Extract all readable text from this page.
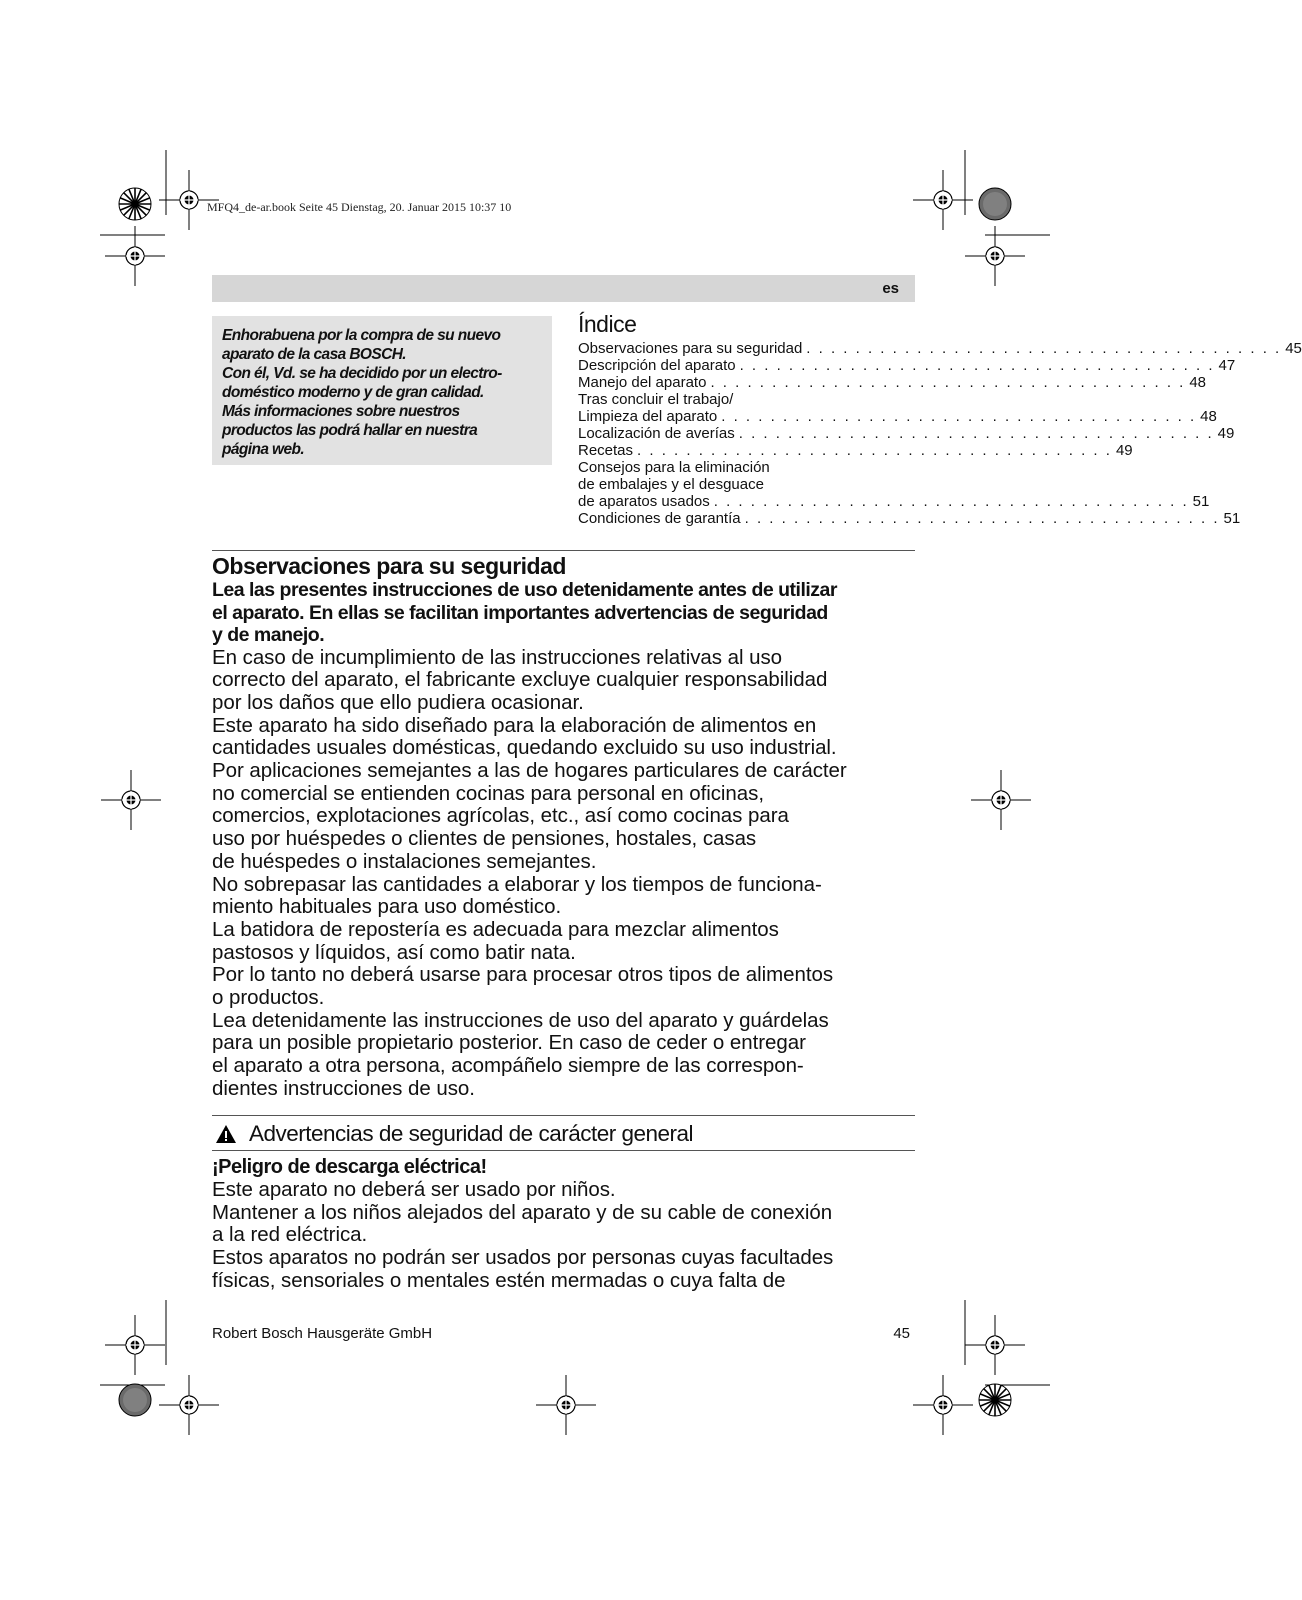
MFQ4_de-ar.book Seite 45 Dienstag, 20. Januar 2015 10:37 10
es
Enhorabuena por la compra de su nuevo
aparato de la casa BOSCH.
Con él, Vd. se ha decidido por un electro-
doméstico moderno y de gran calidad.
Más informaciones sobre nuestros
productos las podrá hallar en nuestra
página web.
Índice
Observaciones para su seguridad . . . . . . . . . . . . . . . . . . . . . . . . . . . . . . . . . . . . . . . 45
Descripción del aparato . . . . . . . . . . . . . . . . . . . . . . . . . . . . . . . . . . . . . . . 47
Manejo del aparato . . . . . . . . . . . . . . . . . . . . . . . . . . . . . . . . . . . . . . . 48
Tras concluir el trabajo/
Limpieza del aparato . . . . . . . . . . . . . . . . . . . . . . . . . . . . . . . . . . . . . . . 48
Localización de averías . . . . . . . . . . . . . . . . . . . . . . . . . . . . . . . . . . . . . . . 49
Recetas . . . . . . . . . . . . . . . . . . . . . . . . . . . . . . . . . . . . . . . 49
Consejos para la eliminación
de embalajes y el desguace
de aparatos usados . . . . . . . . . . . . . . . . . . . . . . . . . . . . . . . . . . . . . . . 51
Condiciones de garantía . . . . . . . . . . . . . . . . . . . . . . . . . . . . . . . . . . . . . . . 51
Observaciones para su seguridad

Lea las presentes instrucciones de uso detenidamente antes de utilizar

el aparato. En ellas se facilitan importantes advertencias de seguridad

y de manejo.

En caso de incumplimiento de las instrucciones relativas al uso

correcto del aparato, el fabricante excluye cualquier responsabilidad

por los daños que ello pudiera ocasionar.

Este aparato ha sido diseñado para la elaboración de alimentos en

cantidades usuales domésticas, quedando excluido su uso industrial.

Por aplicaciones semejantes a las de hogares particulares de carácter

no comercial se entienden cocinas para personal en oficinas,

comercios, explotaciones agrícolas, etc., así como cocinas para

uso por huéspedes o clientes de pensiones, hostales, casas

de huéspedes o instalaciones semejantes.

No sobrepasar las cantidades a elaborar y los tiempos de funciona-

miento habituales para uso doméstico.

La batidora de repostería es adecuada para mezclar alimentos

pastosos y líquidos, así como batir nata.

Por lo tanto no deberá usarse para procesar otros tipos de alimentos

o productos.

Lea detenidamente las instrucciones de uso del aparato y guárdelas

para un posible propietario posterior. En caso de ceder o entregar

el aparato a otra persona, acompáñelo siempre de las correspon-

dientes instrucciones de uso.

Advertencias de seguridad de carácter general

¡Peligro de descarga eléctrica!

Este aparato no deberá ser usado por niños.

Mantener a los niños alejados del aparato y de su cable de conexión

a la red eléctrica.

Estos aparatos no podrán ser usados por personas cuyas facultades

físicas, sensoriales o mentales estén mermadas o cuya falta de

Robert Bosch Hausgeräte GmbH	45
